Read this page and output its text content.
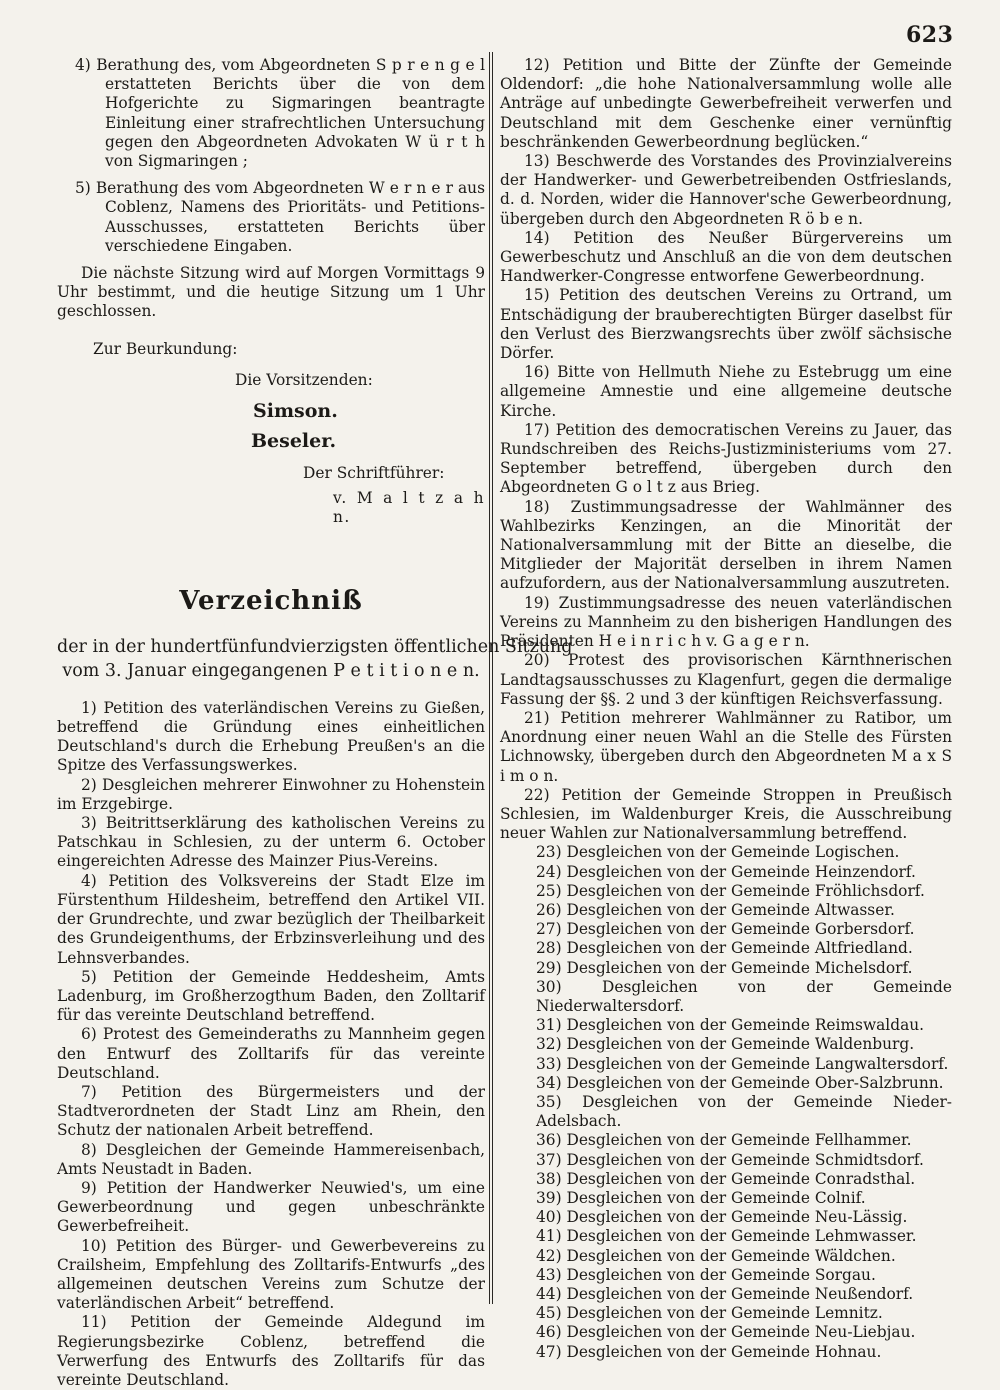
623

4) Berathung des, vom Abgeordneten S p r e n g e l erstatteten Berichts über die von dem Hofgerichte zu Sigmaringen beantragte Einleitung einer strafrechtlichen Untersuchung gegen den Abgeordneten Advokaten W ü r t h von Sigmaringen ;

5) Berathung des vom Abgeordneten W e r n e r aus Coblenz, Namens des Prioritäts- und Petitions-Ausschusses, erstatteten Berichts über verschiedene Eingaben.

Die nächste Sitzung wird auf Morgen Vormittags 9 Uhr bestimmt, und die heutige Sitzung um 1 Uhr geschlossen.

Zur Beurkundung:

Die Vorsitzenden:

Simson.

Beseler.

Der Schriftführer:

v. M a l t z a h n.

Verzeichniß
der in der hundertfünfundvierzigsten öffentlichen Sitzung
vom 3. Januar eingegangenen P e t i t i o n e n.

1) Petition des vaterländischen Vereins zu Gießen, betreffend die Gründung eines einheitlichen Deutschland's durch die Erhebung Preußen's an die Spitze des Verfassungswerkes.

2) Desgleichen mehrerer Einwohner zu Hohenstein im Erzgebirge.

3) Beitrittserklärung des katholischen Vereins zu Patschkau in Schlesien, zu der unterm 6. October eingereichten Adresse des Mainzer Pius-Vereins.

4) Petition des Volksvereins der Stadt Elze im Fürstenthum Hildesheim, betreffend den Artikel VII. der Grundrechte, und zwar bezüglich der Theilbarkeit des Grundeigenthums, der Erbzinsverleihung und des Lehnsverbandes.

5) Petition der Gemeinde Heddesheim, Amts Ladenburg, im Großherzogthum Baden, den Zolltarif für das vereinte Deutschland betreffend.

6) Protest des Gemeinderaths zu Mannheim gegen den Entwurf des Zolltarifs für das vereinte Deutschland.

7) Petition des Bürgermeisters und der Stadtverordneten der Stadt Linz am Rhein, den Schutz der nationalen Arbeit betreffend.

8) Desgleichen der Gemeinde Hammereisenbach, Amts Neustadt in Baden.

9) Petition der Handwerker Neuwied's, um eine Gewerbeordnung und gegen unbeschränkte Gewerbefreiheit.

10) Petition des Bürger- und Gewerbevereins zu Crailsheim, Empfehlung des Zolltarifs-Entwurfs „des allgemeinen deutschen Vereins zum Schutze der vaterländischen Arbeit“ betreffend.

11) Petition der Gemeinde Aldegund im Regierungsbezirke Coblenz, betreffend die Verwerfung des Entwurfs des Zolltarifs für das vereinte Deutschland.

12) Petition und Bitte der Zünfte der Gemeinde Oldendorf: „die hohe Nationalversammlung wolle alle Anträge auf unbedingte Gewerbefreiheit verwerfen und Deutschland mit dem Geschenke einer vernünftig beschränkenden Gewerbeordnung beglücken.“

13) Beschwerde des Vorstandes des Provinzialvereins der Handwerker- und Gewerbetreibenden Ostfrieslands, d. d. Norden, wider die Hannover'sche Gewerbeordnung, übergeben durch den Abgeordneten R ö b e n.

14) Petition des Neußer Bürgervereins um Gewerbeschutz und Anschluß an die von dem deutschen Handwerker-Congresse entworfene Gewerbeordnung.

15) Petition des deutschen Vereins zu Ortrand, um Entschädigung der brauberechtigten Bürger daselbst für den Verlust des Bierzwangsrechts über zwölf sächsische Dörfer.

16) Bitte von Hellmuth Niehe zu Estebrugg um eine allgemeine Amnestie und eine allgemeine deutsche Kirche.

17) Petition des democratischen Vereins zu Jauer, das Rundschreiben des Reichs-Justizministeriums vom 27. September betreffend, übergeben durch den Abgeordneten G o l t z aus Brieg.

18) Zustimmungsadresse der Wahlmänner des Wahlbezirks Kenzingen, an die Minorität der Nationalversammlung mit der Bitte an dieselbe, die Mitglieder der Majorität derselben in ihrem Namen aufzufordern, aus der Nationalversammlung auszutreten.

19) Zustimmungsadresse des neuen vaterländischen Vereins zu Mannheim zu den bisherigen Handlungen des Präsidenten H e i n r i c h v. G a g e r n.

20) Protest des provisorischen Kärnthnerischen Landtagsausschusses zu Klagenfurt, gegen die dermalige Fassung der §§. 2 und 3 der künftigen Reichsverfassung.

21) Petition mehrerer Wahlmänner zu Ratibor, um Anordnung einer neuen Wahl an die Stelle des Fürsten Lichnowsky, übergeben durch den Abgeordneten M a x S i m o n.

22) Petition der Gemeinde Stroppen in Preußisch Schlesien, im Waldenburger Kreis, die Ausschreibung neuer Wahlen zur Nationalversammlung betreffend.

23) Desgleichen von der Gemeinde Logischen.

24) Desgleichen von der Gemeinde Heinzendorf.

25) Desgleichen von der Gemeinde Fröhlichsdorf.

26) Desgleichen von der Gemeinde Altwasser.

27) Desgleichen von der Gemeinde Gorbersdorf.

28) Desgleichen von der Gemeinde Altfriedland.

29) Desgleichen von der Gemeinde Michelsdorf.

30) Desgleichen von der Gemeinde Niederwaltersdorf.

31) Desgleichen von der Gemeinde Reimswaldau.

32) Desgleichen von der Gemeinde Waldenburg.

33) Desgleichen von der Gemeinde Langwaltersdorf.

34) Desgleichen von der Gemeinde Ober-Salzbrunn.

35) Desgleichen von der Gemeinde Nieder-Adelsbach.

36) Desgleichen von der Gemeinde Fellhammer.

37) Desgleichen von der Gemeinde Schmidtsdorf.

38) Desgleichen von der Gemeinde Conradsthal.

39) Desgleichen von der Gemeinde Colnif.

40) Desgleichen von der Gemeinde Neu-Lässig.

41) Desgleichen von der Gemeinde Lehmwasser.

42) Desgleichen von der Gemeinde Wäldchen.

43) Desgleichen von der Gemeinde Sorgau.

44) Desgleichen von der Gemeinde Neußendorf.

45) Desgleichen von der Gemeinde Lemnitz.

46) Desgleichen von der Gemeinde Neu-Liebjau.

47) Desgleichen von der Gemeinde Hohnau.
